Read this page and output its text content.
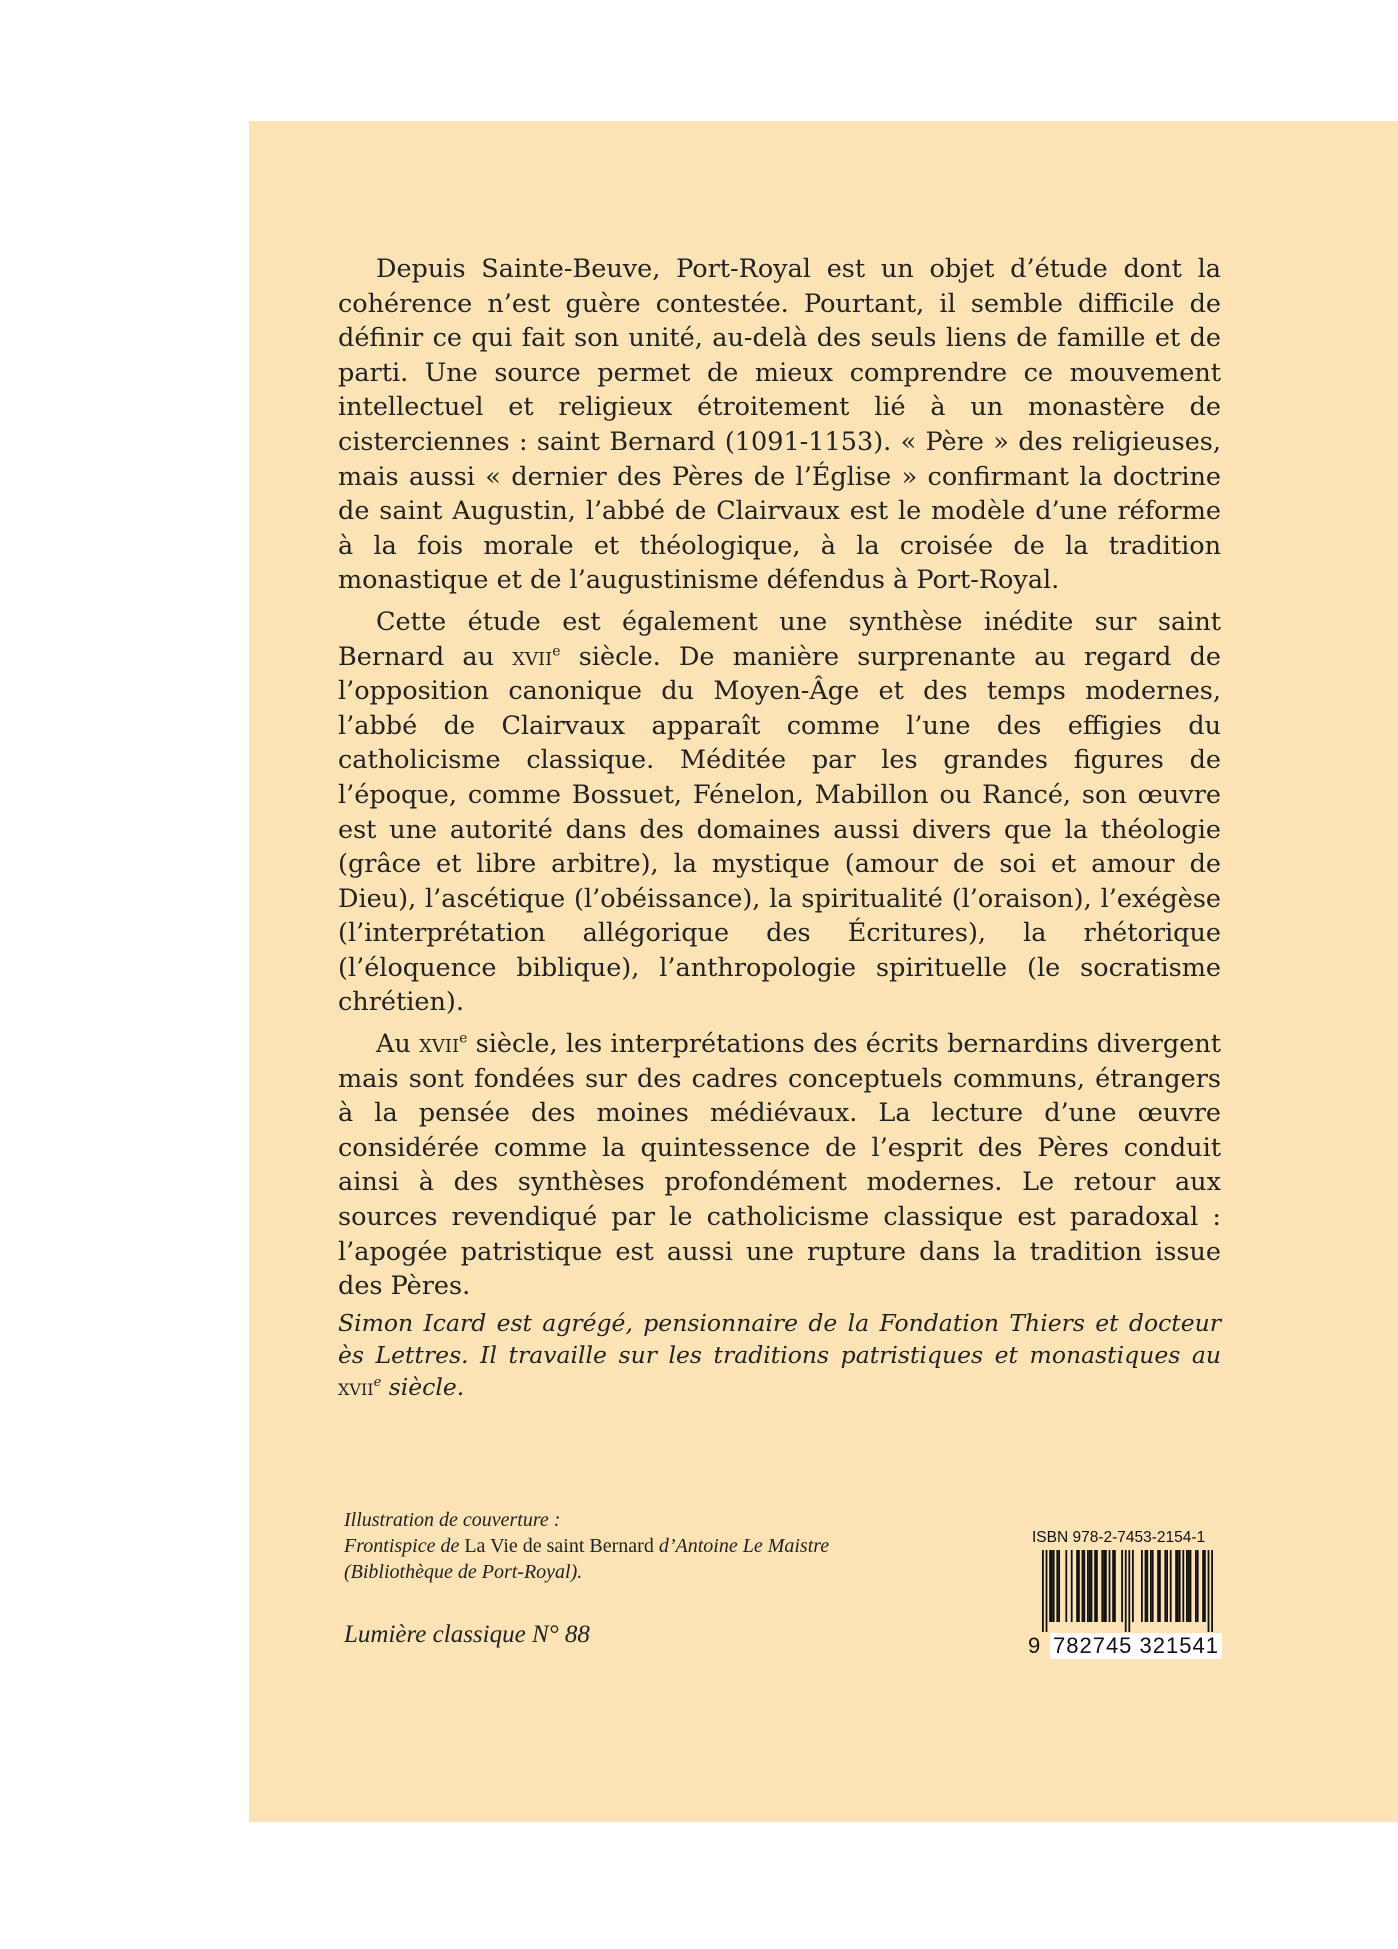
Depuis Sainte-Beuve, Port-Royal est un objet d’étude dont la cohérence n’est guère contestée. Pourtant, il semble difficile de définir ce qui fait son unité, au-delà des seuls liens de famille et de parti. Une source permet de mieux comprendre ce mouvement intellectuel et religieux étroitement lié à un monastère de cisterciennes : saint Bernard (1091-1153). « Père » des religieuses, mais aussi « dernier des Pères de l’Église » confirmant la doctrine de saint Augustin, l’abbé de Clairvaux est le modèle d’une réforme à la fois morale et théologique, à la croisée de la tradition monastique et de l’augustinisme défendus à Port-Royal.

Cette étude est également une synthèse inédite sur saint Bernard au xvii$^e$ siècle. De manière surprenante au regard de l’opposition canonique du Moyen-Âge et des temps modernes, l’abbé de Clairvaux apparaît comme l’une des effigies du catholicisme classique. Méditée par les grandes figures de l’époque, comme Bossuet, Fénelon, Mabillon ou Rancé, son œuvre est une autorité dans des domaines aussi divers que la théologie (grâce et libre arbitre), la mystique (amour de soi et amour de Dieu), l’ascétique (l’obéissance), la spiritualité (l’oraison), l’exégèse (l’interprétation allégorique des Écritures), la rhétorique (l’éloquence biblique), l’anthropologie spirituelle (le socratisme chrétien).

Au xvii$^e$ siècle, les interprétations des écrits bernardins divergent mais sont fondées sur des cadres conceptuels communs, étrangers à la pensée des moines médiévaux. La lecture d’une œuvre considérée comme la quintessence de l’esprit des Pères conduit ainsi à des synthèses profondément modernes. Le retour aux sources revendiqué par le catholicisme classique est paradoxal : l’apogée patristique est aussi une rupture dans la tradition issue des Pères.

Simon Icard est agrégé, pensionnaire de la Fondation Thiers et docteur ès Lettres. Il travaille sur les traditions patristiques et monastiques au xvii$^e$ siècle.
Illustration de couverture :
Frontispice de La Vie de saint Bernard d’Antoine Le Maistre
(Bibliothèque de Port-Royal).
Lumière classique N° 88
ISBN 978-2-7453-2154-1
9 782745 321541
